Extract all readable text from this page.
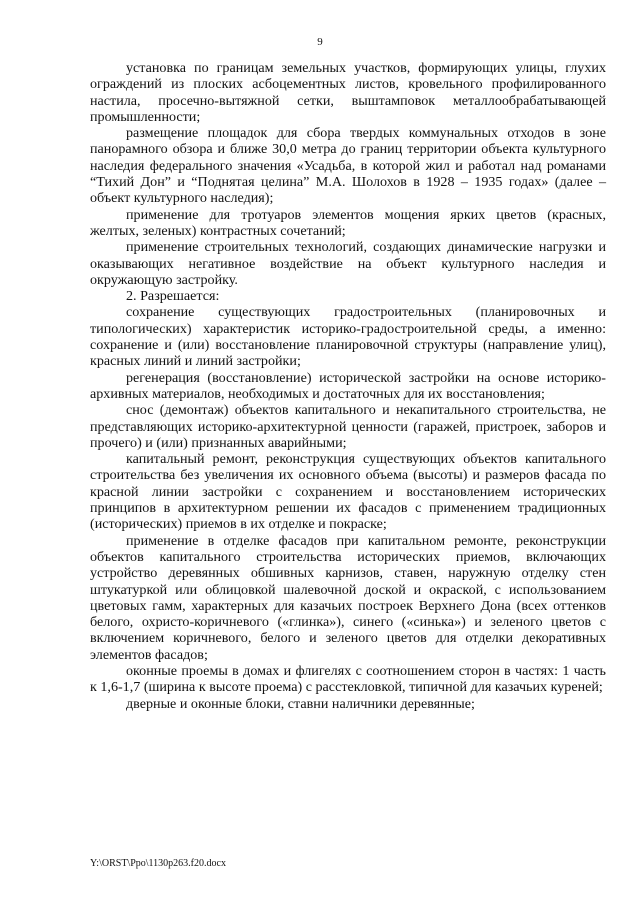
9

установка по границам земельных участков, формирующих улицы, глухих ограждений из плоских асбоцементных листов, кровельного профилированного настила, просечно-вытяжной сетки, выштамповок металлообрабатывающей промышленности;

размещение площадок для сбора твердых коммунальных отходов в зоне панорамного обзора и ближе 30,0 метра до границ территории объекта культурного наследия федерального значения «Усадьба, в которой жил и работал над романами “Тихий Дон” и “Поднятая целина” М.А. Шолохов в 1928 – 1935 годах» (далее – объект культурного наследия);

применение для тротуаров элементов мощения ярких цветов (красных, желтых, зеленых) контрастных сочетаний;

применение строительных технологий, создающих динамические нагрузки и оказывающих негативное воздействие на объект культурного наследия и окружающую застройку.

2. Разрешается:

сохранение существующих градостроительных (планировочных и типологических) характеристик историко-градостроительной среды, а именно: сохранение и (или) восстановление планировочной структуры (направление улиц), красных линий и линий застройки;

регенерация (восстановление) исторической застройки на основе историко-архивных материалов, необходимых и достаточных для их восстановления;

снос (демонтаж) объектов капитального и некапитального строительства, не представляющих историко-архитектурной ценности (гаражей, пристроек, заборов и прочего) и (или) признанных аварийными;

капитальный ремонт, реконструкция существующих объектов капитального строительства без увеличения их основного объема (высоты) и размеров фасада по красной линии застройки с сохранением и восстановлением исторических принципов в архитектурном решении их фасадов с применением традиционных (исторических) приемов в их отделке и покраске;

применение в отделке фасадов при капитальном ремонте, реконструкции объектов капитального строительства исторических приемов, включающих устройство деревянных обшивных карнизов, ставен, наружную отделку стен штукатуркой или облицовкой шалевочной доской и окраской, с использованием цветовых гамм, характерных для казачьих построек Верхнего Дона (всех оттенков белого, охристо-коричневого («глинка»), синего («синька») и зеленого цветов с включением коричневого, белого и зеленого цветов для отделки декоративных элементов фасадов;

оконные проемы в домах и флигелях с соотношением сторон в частях: 1 часть к 1,6-1,7 (ширина к высоте проема) с расстекловкой, типичной для казачьих куреней;

дверные и оконные блоки, ставни наличники деревянные;

Y:\ORST\Ppo\1130p263.f20.docx
